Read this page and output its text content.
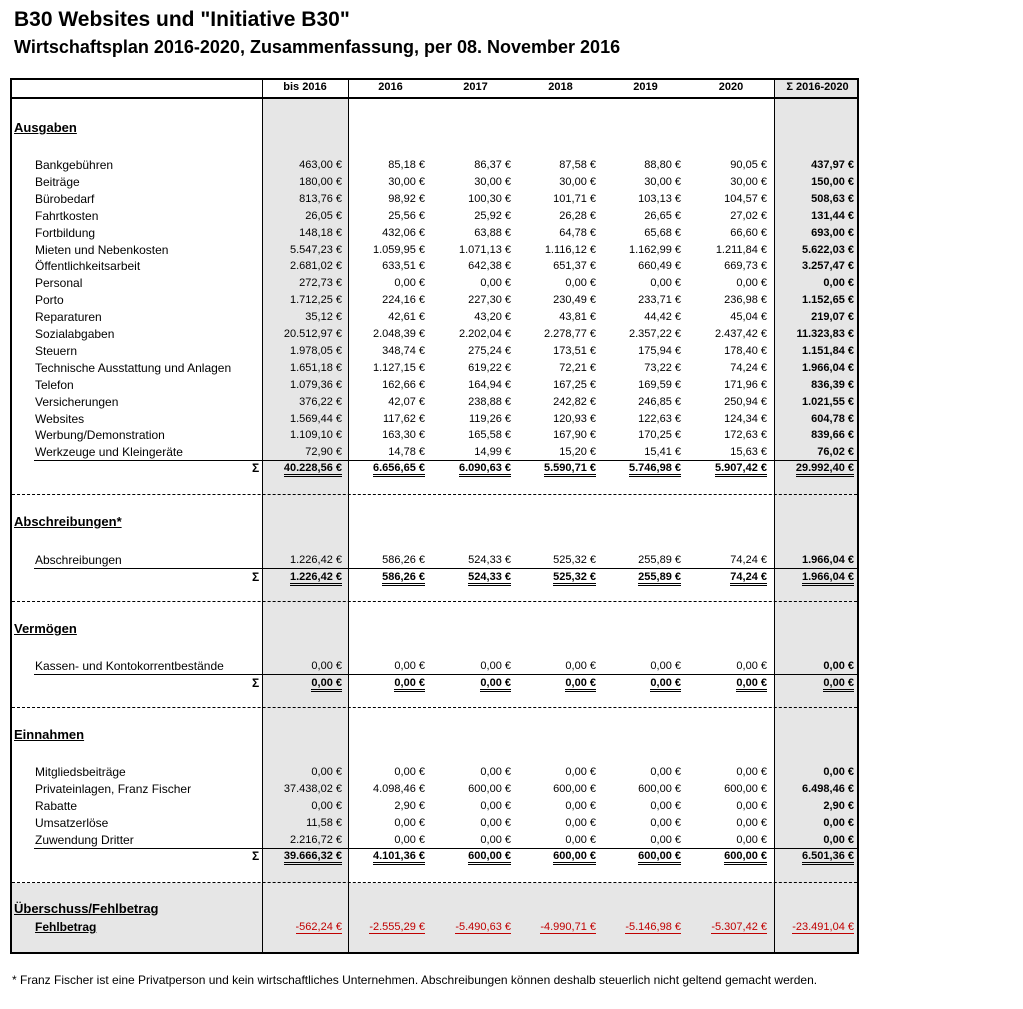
B30 Websites und "Initiative B30"
Wirtschaftsplan 2016-2020, Zusammenfassung, per 08. November 2016
bis 2016	2016	2017	2018	2019	2020	Σ 2016-2020
Ausgaben
Bankgebühren	463,00 €	85,18 €	86,37 €	87,58 €	88,80 €	90,05 €	437,97 €
Beiträge	180,00 €	30,00 €	30,00 €	30,00 €	30,00 €	30,00 €	150,00 €
Bürobedarf	813,76 €	98,92 €	100,30 €	101,71 €	103,13 €	104,57 €	508,63 €
Fahrtkosten	26,05 €	25,56 €	25,92 €	26,28 €	26,65 €	27,02 €	131,44 €
Fortbildung	148,18 €	432,06 €	63,88 €	64,78 €	65,68 €	66,60 €	693,00 €
Mieten und Nebenkosten	5.547,23 €	1.059,95 €	1.071,13 €	1.116,12 €	1.162,99 €	1.211,84 €	5.622,03 €
Öffentlichkeitsarbeit	2.681,02 €	633,51 €	642,38 €	651,37 €	660,49 €	669,73 €	3.257,47 €
Personal	272,73 €	0,00 €	0,00 €	0,00 €	0,00 €	0,00 €	0,00 €
Porto	1.712,25 €	224,16 €	227,30 €	230,49 €	233,71 €	236,98 €	1.152,65 €
Reparaturen	35,12 €	42,61 €	43,20 €	43,81 €	44,42 €	45,04 €	219,07 €
Sozialabgaben	20.512,97 €	2.048,39 €	2.202,04 €	2.278,77 €	2.357,22 €	2.437,42 €	11.323,83 €
Steuern	1.978,05 €	348,74 €	275,24 €	173,51 €	175,94 €	178,40 €	1.151,84 €
Technische Ausstattung und Anlagen	1.651,18 €	1.127,15 €	619,22 €	72,21 €	73,22 €	74,24 €	1.966,04 €
Telefon	1.079,36 €	162,66 €	164,94 €	167,25 €	169,59 €	171,96 €	836,39 €
Versicherungen	376,22 €	42,07 €	238,88 €	242,82 €	246,85 €	250,94 €	1.021,55 €
Websites	1.569,44 €	117,62 €	119,26 €	120,93 €	122,63 €	124,34 €	604,78 €
Werbung/Demonstration	1.109,10 €	163,30 €	165,58 €	167,90 €	170,25 €	172,63 €	839,66 €
Werkzeuge und Kleingeräte	72,90 €	14,78 €	14,99 €	15,20 €	15,41 €	15,63 €	76,02 €
Σ 40.228,56 €	6.656,65 €	6.090,63 €	5.590,71 €	5.746,98 €	5.907,42 €	29.992,40 €
Abschreibungen*
Abschreibungen	1.226,42 €	586,26 €	524,33 €	525,32 €	255,89 €	74,24 €	1.966,04 €
Σ	1.226,42 €	586,26 €	524,33 €	525,32 €	255,89 €	74,24 €	1.966,04 €
Vermögen
Kassen- und Kontokorrentbestände	0,00 €	0,00 €	0,00 €	0,00 €	0,00 €	0,00 €	0,00 €
Σ	0,00 €	0,00 €	0,00 €	0,00 €	0,00 €	0,00 €	0,00 €
Einnahmen
Mitgliedsbeiträge	0,00 €	0,00 €	0,00 €	0,00 €	0,00 €	0,00 €	0,00 €
Privateinlagen, Franz Fischer	37.438,02 €	4.098,46 €	600,00 €	600,00 €	600,00 €	600,00 €	6.498,46 €
Rabatte	0,00 €	2,90 €	0,00 €	0,00 €	0,00 €	0,00 €	2,90 €
Umsatzerlöse	11,58 €	0,00 €	0,00 €	0,00 €	0,00 €	0,00 €	0,00 €
Zuwendung Dritter	2.216,72 €	0,00 €	0,00 €	0,00 €	0,00 €	0,00 €	0,00 €
Σ 39.666,32 €	4.101,36 €	600,00 €	600,00 €	600,00 €	600,00 €	6.501,36 €
Überschuss/Fehlbetrag
Fehlbetrag	-562,24 € -2.555,29 €	-5.490,63 €	-4.990,71 €	-5.146,98 €	-5.307,42 € -23.491,04 €
* Franz Fischer ist eine Privatperson und kein wirtschaftliches Unternehmen. Abschreibungen können deshalb steuerlich nicht geltend gemacht werden.
